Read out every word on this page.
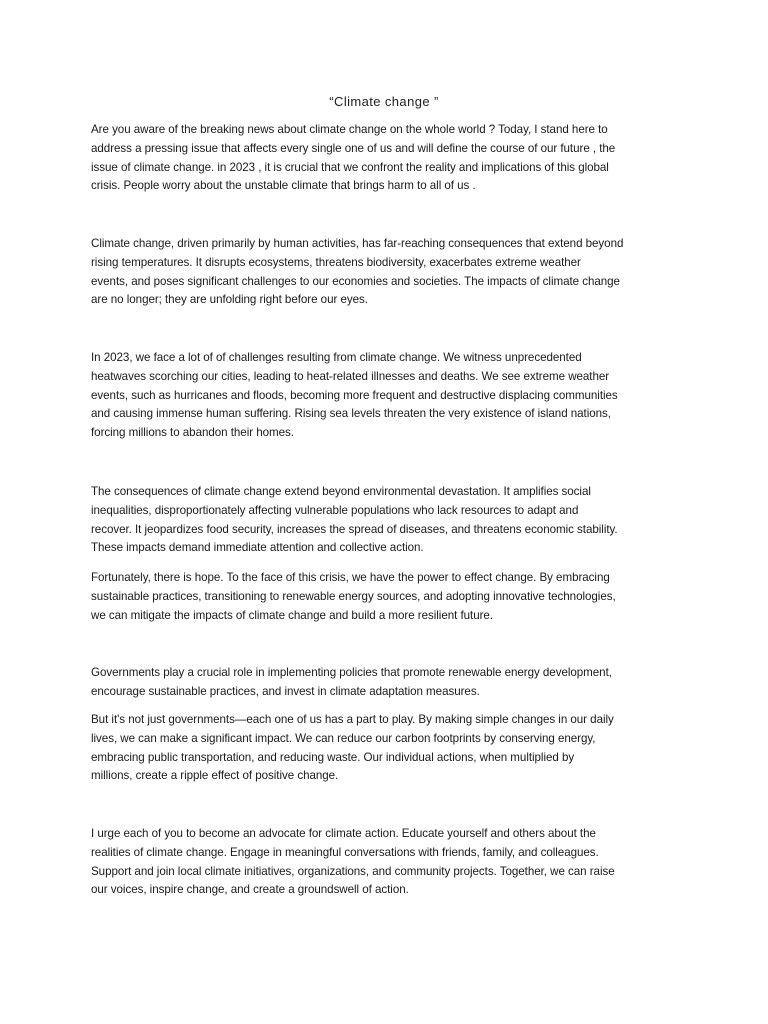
“Climate change ”

Are you aware of the breaking news about climate change on the whole world ? Today, I stand here to
address a pressing issue that affects every single one of us and will define the course of our future , the
issue of climate change. in 2023 , it is crucial that we confront the reality and implications of this global
crisis. People worry about the unstable climate that brings harm to all of us .

Climate change, driven primarily by human activities, has far-reaching consequences that extend beyond
rising temperatures. It disrupts ecosystems, threatens biodiversity, exacerbates extreme weather
events, and poses significant challenges to our economies and societies. The impacts of climate change
are no longer; they are unfolding right before our eyes.

In 2023, we face a lot of of challenges resulting from climate change. We witness unprecedented
heatwaves scorching our cities, leading to heat-related illnesses and deaths. We see extreme weather
events, such as hurricanes and floods, becoming more frequent and destructive displacing communities
and causing immense human suffering. Rising sea levels threaten the very existence of island nations,
forcing millions to abandon their homes.

The consequences of climate change extend beyond environmental devastation. It amplifies social
inequalities, disproportionately affecting vulnerable populations who lack resources to adapt and
recover. It jeopardizes food security, increases the spread of diseases, and threatens economic stability.
These impacts demand immediate attention and collective action.

Fortunately, there is hope. To the face of this crisis, we have the power to effect change. By embracing
sustainable practices, transitioning to renewable energy sources, and adopting innovative technologies,
we can mitigate the impacts of climate change and build a more resilient future.

Governments play a crucial role in implementing policies that promote renewable energy development,
encourage sustainable practices, and invest in climate adaptation measures.

But it's not just governments—each one of us has a part to play. By making simple changes in our daily
lives, we can make a significant impact. We can reduce our carbon footprints by conserving energy,
embracing public transportation, and reducing waste. Our individual actions, when multiplied by
millions, create a ripple effect of positive change.

I urge each of you to become an advocate for climate action. Educate yourself and others about the
realities of climate change. Engage in meaningful conversations with friends, family, and colleagues.
Support and join local climate initiatives, organizations, and community projects. Together, we can raise
our voices, inspire change, and create a groundswell of action.
